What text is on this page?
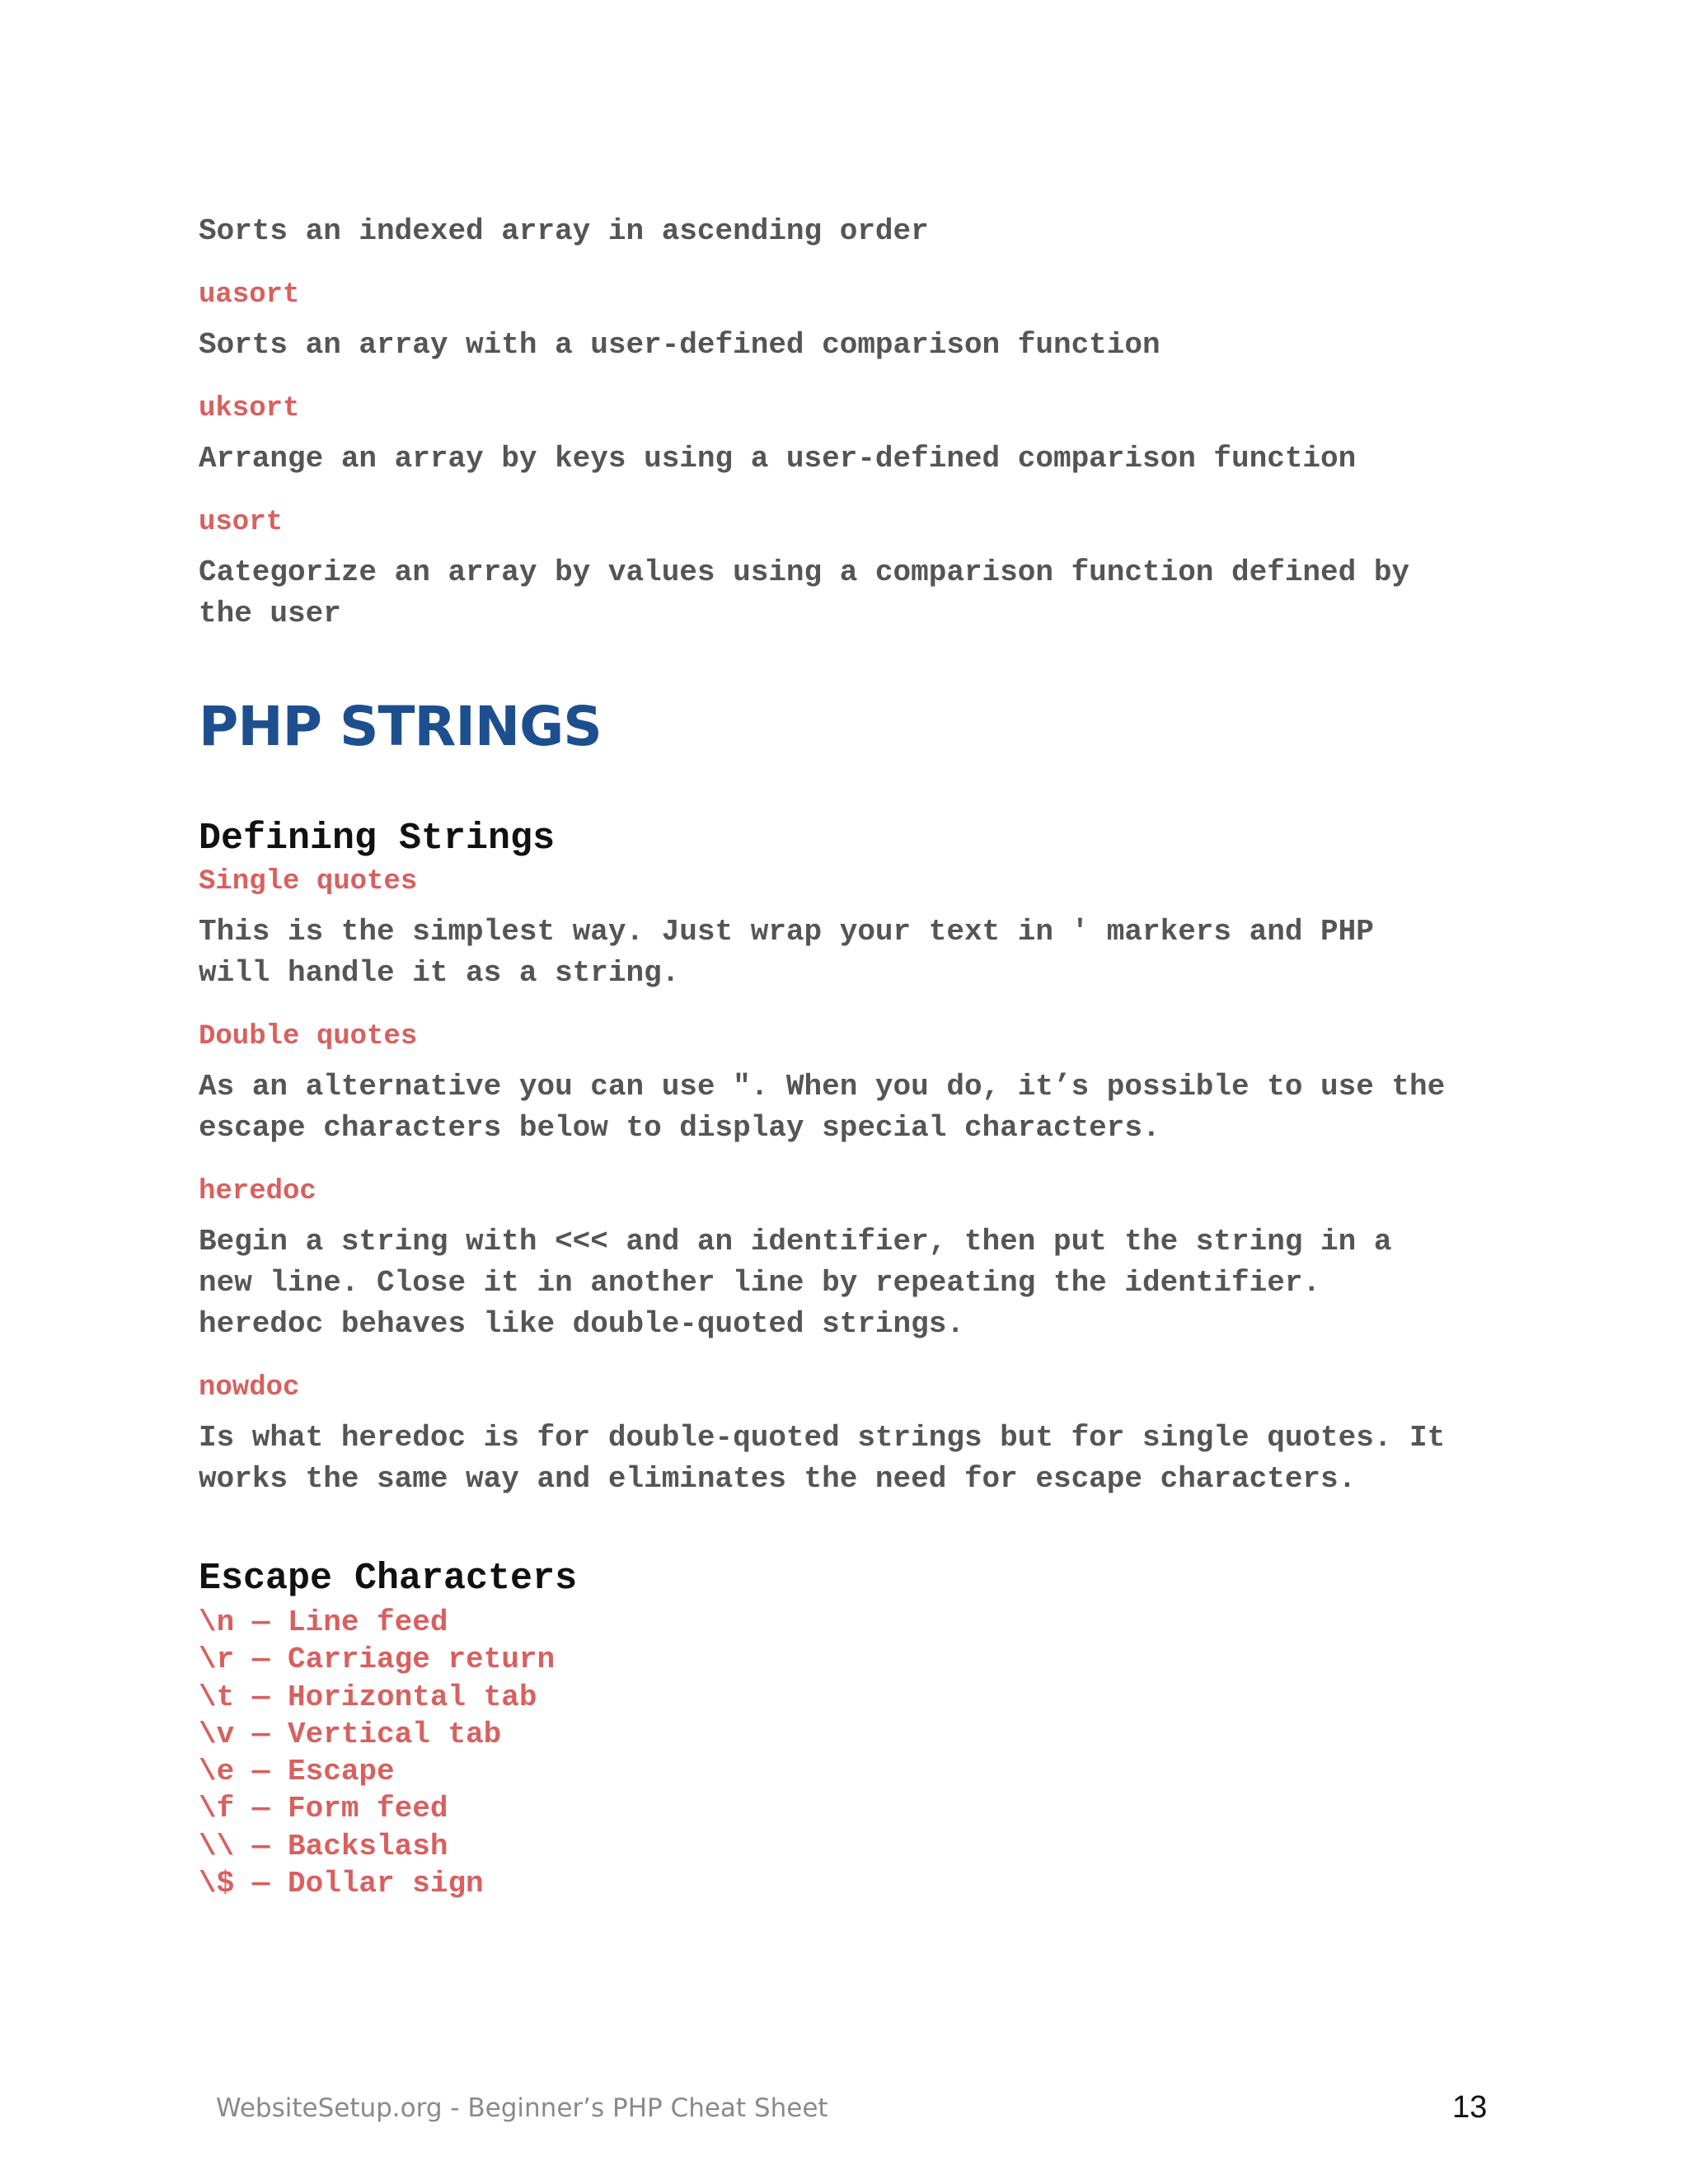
Sorts an indexed array in ascending order

uasort

Sorts an array with a user-defined comparison function

uksort

Arrange an array by keys using a user-defined comparison function

usort

Categorize an array by values using a comparison function defined by
the user

PHP STRINGS
Defining Strings

Single quotes

This is the simplest way. Just wrap your text in ' markers and PHP
will handle it as a string.

Double quotes

As an alternative you can use ". When you do, it’s possible to use the
escape characters below to display special characters.

heredoc

Begin a string with <<< and an identifier, then put the string in a
new line. Close it in another line by repeating the identifier.
heredoc behaves like double-quoted strings.

nowdoc

Is what heredoc is for double-quoted strings but for single quotes. It
works the same way and eliminates the need for escape characters.

Escape Characters

\n — Line feed

\r — Carriage return

\t — Horizontal tab

\v — Vertical tab

\e — Escape

\f — Form feed

\\ — Backslash

\$ — Dollar sign

WebsiteSetup.org - Beginner’s PHP Cheat Sheet	13
